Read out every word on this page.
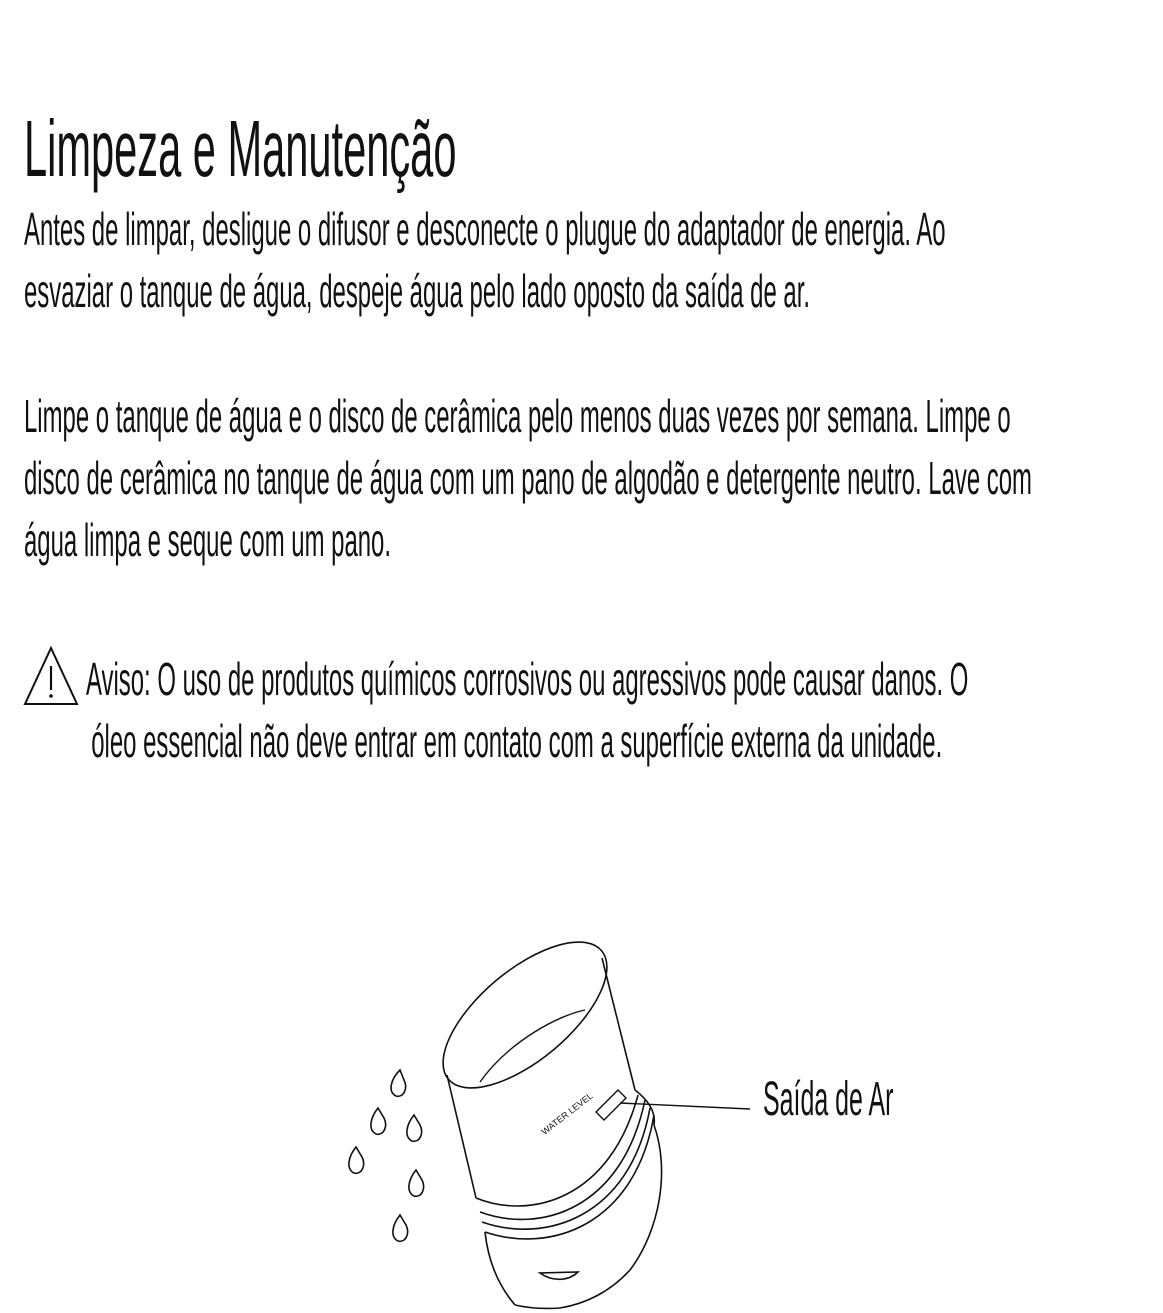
Limpeza e Manutenção
Antes de limpar, desligue o difusor e desconecte o plugue do adaptador de energia. Ao
esvaziar o tanque de água, despeje água pelo lado oposto da saída de ar.
Limpe o tanque de água e o disco de cerâmica pelo menos duas vezes por semana. Limpe o
disco de cerâmica no tanque de água com um pano de algodão e detergente neutro. Lave com
água limpa e seque com um pano.
Aviso: O uso de produtos químicos corrosivos ou agressivos pode causar danos. O
óleo essencial não deve entrar em contato com a superfície externa da unidade.
WATER LEVEL	Saída de Ar
